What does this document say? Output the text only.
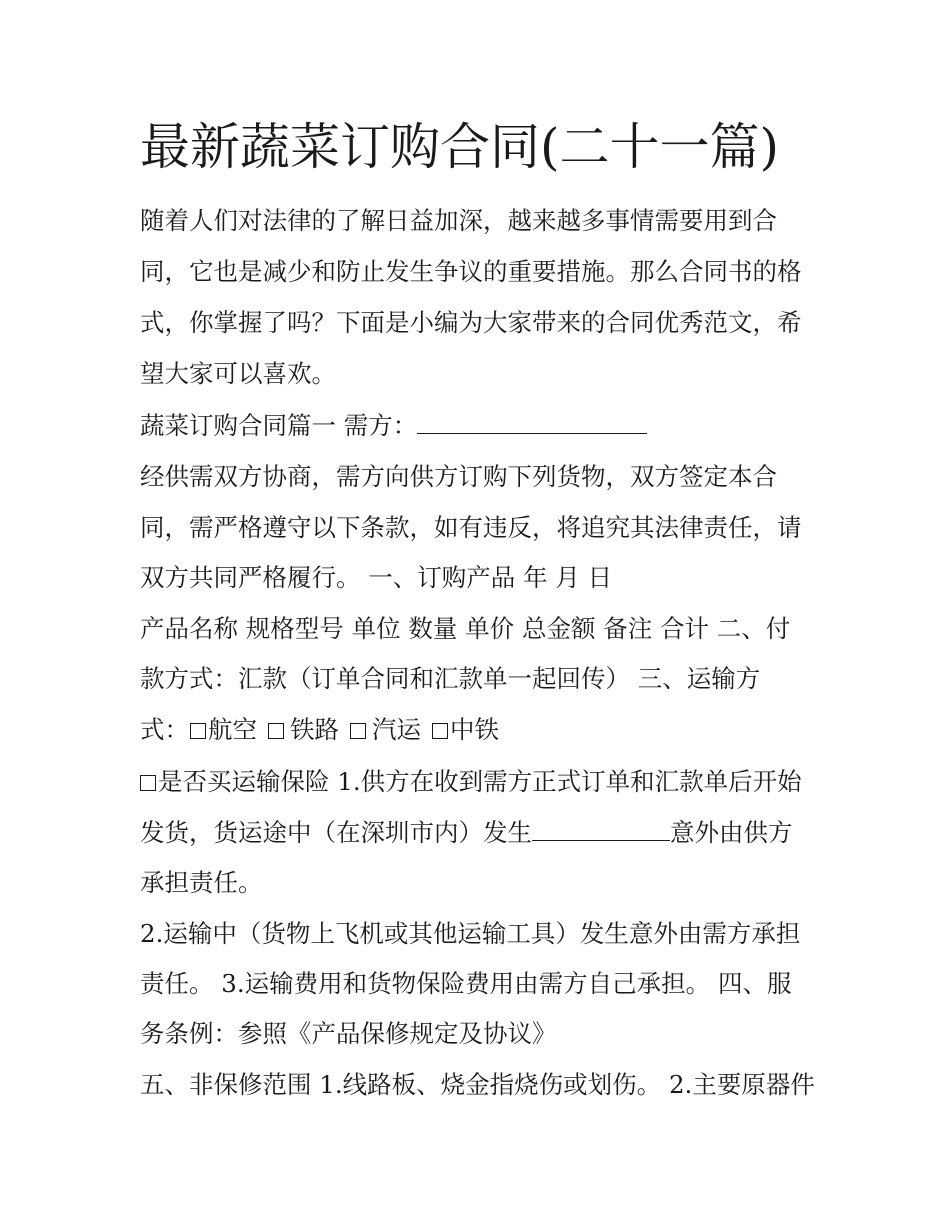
最新蔬菜订购合同(二十一篇)

随着人们对法律的了解日益加深，越来越多事情需要用到合

同，它也是减少和防止发生争议的重要措施。那么合同书的格

式，你掌握了吗？下面是小编为大家带来的合同优秀范文，希

望大家可以喜欢。

蔬菜订购合同篇一 需方：

经供需双方协商，需方向供方订购下列货物，双方签定本合

同，需严格遵守以下条款，如有违反，将追究其法律责任，请

双方共同严格履行。 一、订购产品 年 月 日

产品名称 规格型号 单位 数量 单价 总金额 备注 合计 二、付

款方式：汇款（订单合同和汇款单一起回传） 三、运输方

式： 航空 铁路 汽运 中铁

是否买运输保险 1.供方在收到需方正式订单和汇款单后开始

发货，货运途中（在深圳市内）发生	意外由供方

承担责任。

2.运输中（货物上飞机或其他运输工具）发生意外由需方承担

责任。 3.运输费用和货物保险费用由需方自己承担。 四、服

务条例：参照《产品保修规定及协议》

五、非保修范围 1.线路板、烧金指烧伤或划伤。 2.主要原器件
